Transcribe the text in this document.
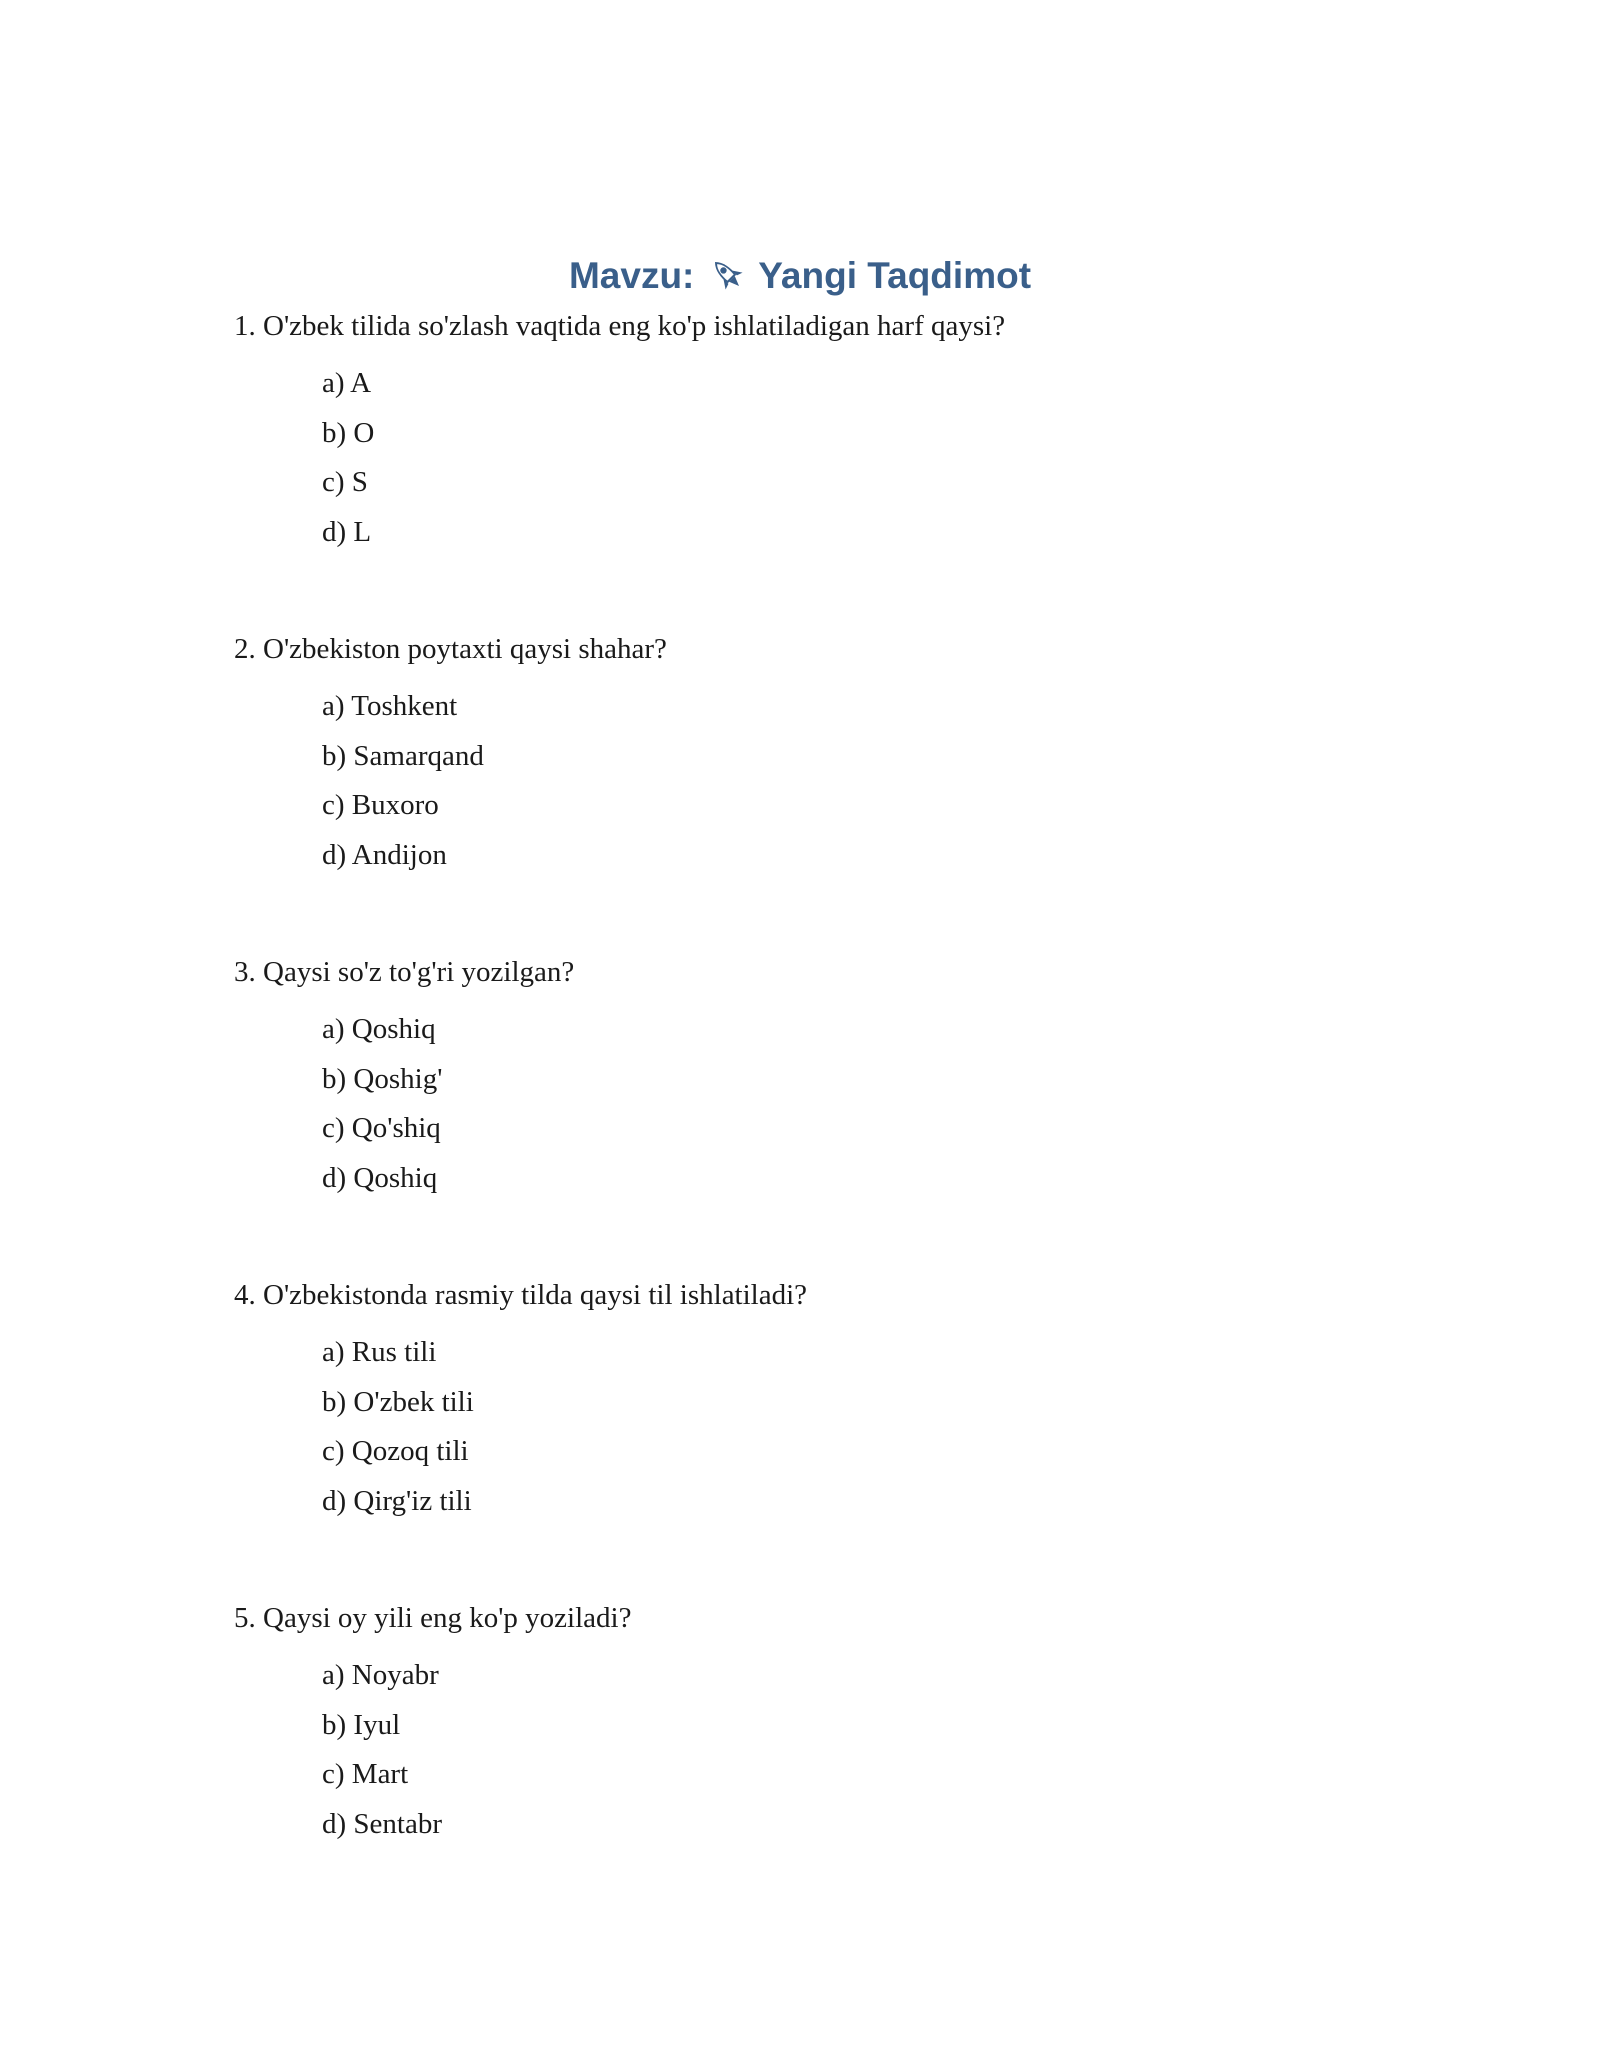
Mavzu: Yangi Taqdimot
1. O'zbek tilida so'zlash vaqtida eng ko'p ishlatiladigan harf qaysi?
a) A
b) O
c) S
d) L
2. O'zbekiston poytaxti qaysi shahar?
a) Toshkent
b) Samarqand
c) Buxoro
d) Andijon
3. Qaysi so'z to'g'ri yozilgan?
a) Qoshiq
b) Qoshig'
c) Qo'shiq
d) Qoshiq
4. O'zbekistonda rasmiy tilda qaysi til ishlatiladi?
a) Rus tili
b) O'zbek tili
c) Qozoq tili
d) Qirg'iz tili
5. Qaysi oy yili eng ko'p yoziladi?
a) Noyabr
b) Iyul
c) Mart
d) Sentabr
